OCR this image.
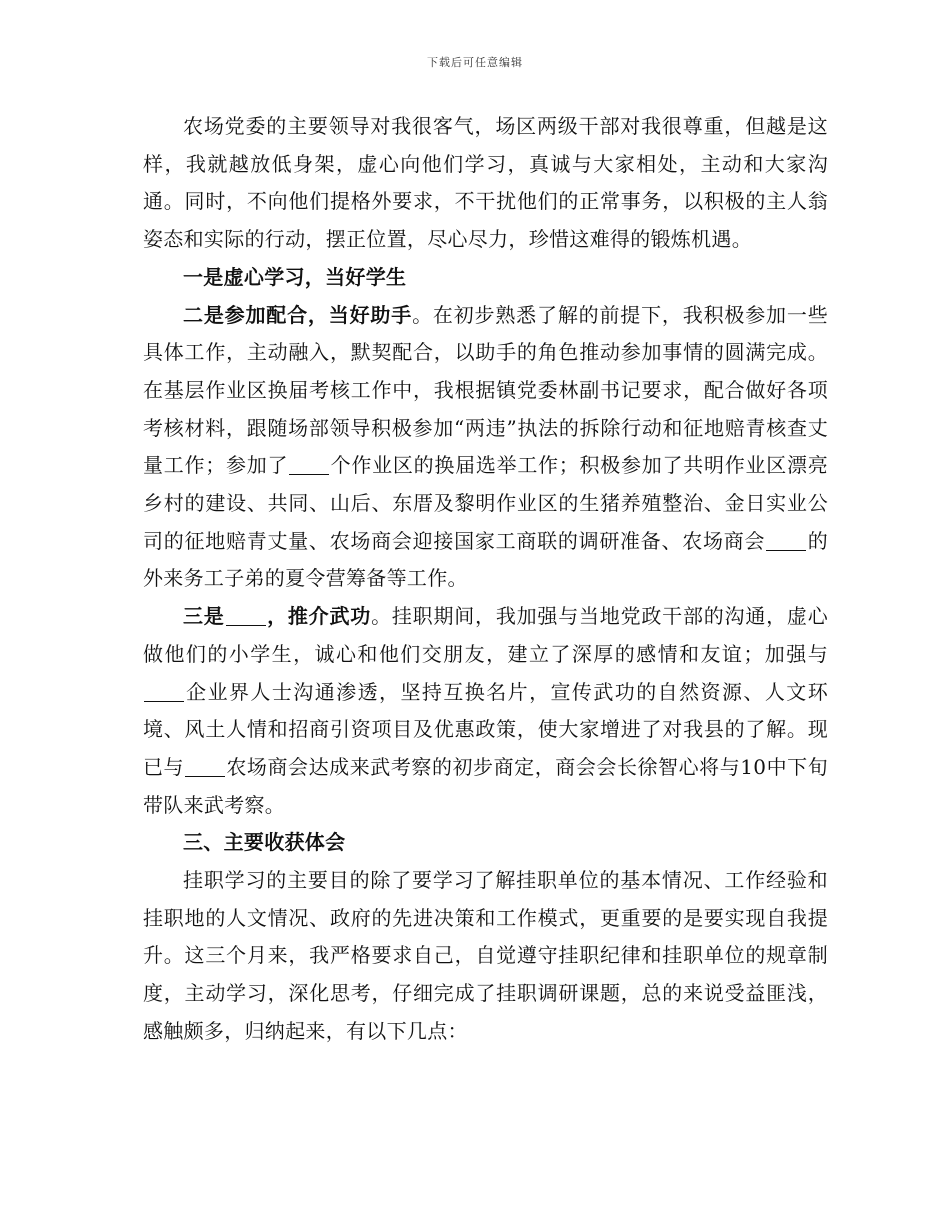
下载后可任意编辑

农场党委的主要领导对我很客气，场区两级干部对我很尊重，但越是这样，我就越放低身架，虚心向他们学习，真诚与大家相处，主动和大家沟通。同时，不向他们提格外要求，不干扰他们的正常事务，以积极的主人翁姿态和实际的行动，摆正位置，尽心尽力，珍惜这难得的锻炼机遇。

一是虚心学习，当好学生

二是参加配合，当好助手。在初步熟悉了解的前提下，我积极参加一些具体工作，主动融入，默契配合，以助手的角色推动参加事情的圆满完成。在基层作业区换届考核工作中，我根据镇党委林副书记要求，配合做好各项考核材料，跟随场部领导积极参加“两违”执法的拆除行动和征地赔青核查丈量工作；参加了 个作业区的换届选举工作；积极参加了共明作业区漂亮乡村的建设、共同、山后、东厝及黎明作业区的生猪养殖整治、金日实业公司的征地赔青丈量、农场商会迎接国家工商联的调研准备、农场商会 的外来务工子弟的夏令营筹备等工作。

三是 ，推介武功。挂职期间，我加强与当地党政干部的沟通，虚心做他们的小学生，诚心和他们交朋友，建立了深厚的感情和友谊；加强与企业界人士沟通渗透，坚持互换名片，宣传武功的自然资源、人文环境、风土人情和招商引资项目及优惠政策，使大家增进了对我县的了解。现已与 农场商会达成来武考察的初步商定，商会会长徐智心将与10中下旬带队来武考察。

三、主要收获体会

挂职学习的主要目的除了要学习了解挂职单位的基本情况、工作经验和挂职地的人文情况、政府的先进决策和工作模式，更重要的是要实现自我提升。这三个月来，我严格要求自己，自觉遵守挂职纪律和挂职单位的规章制度，主动学习，深化思考，仔细完成了挂职调研课题，总的来说受益匪浅，感触颇多，归纳起来，有以下几点：
